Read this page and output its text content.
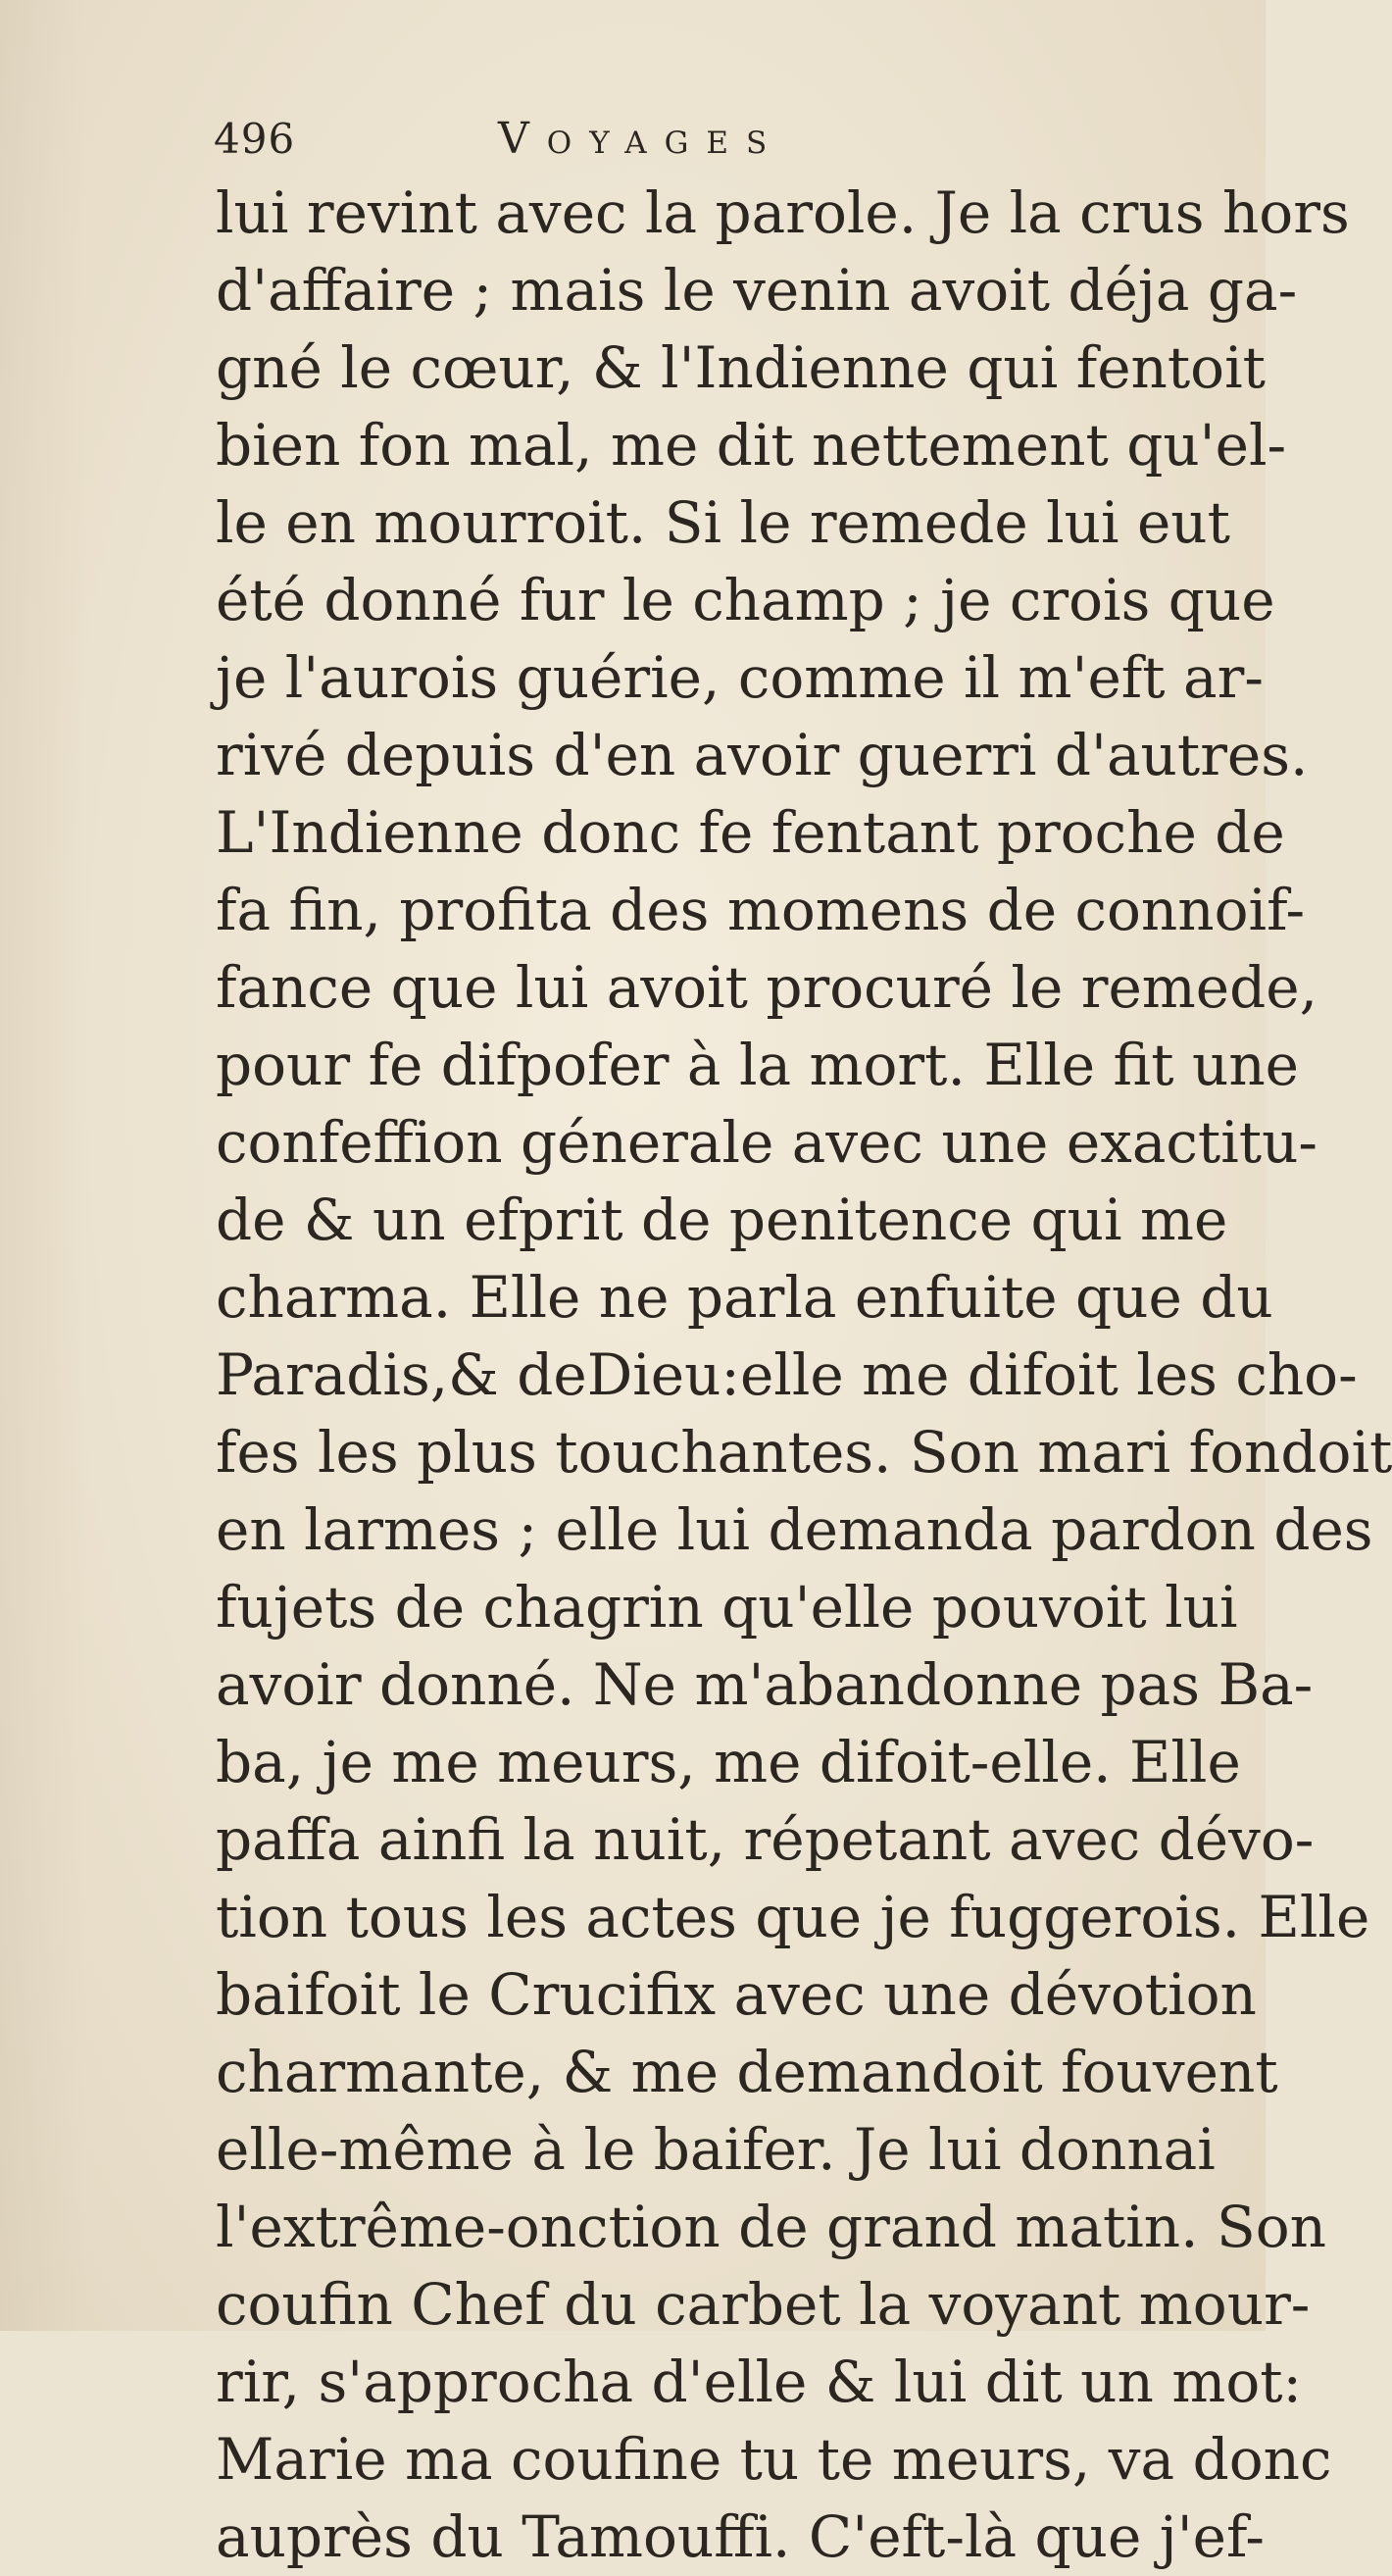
496	Voyages
lui revint avec la parole. Je la crus hors
d'affaire ; mais le venin avoit déja ga-
gné le cœur, & l'Indienne qui fentoit
bien fon mal, me dit nettement qu'el-
le en mourroit. Si le remede lui eut
été donné fur le champ ; je crois que
je l'aurois guérie, comme il m'eft ar-
rivé depuis d'en avoir guerri d'autres.
L'Indienne donc fe fentant proche de
fa fin, profita des momens de connoif-
fance que lui avoit procuré le remede,
pour fe difpofer à la mort. Elle fit une
confeffion génerale avec une exactitu-
de & un efprit de penitence qui me
charma. Elle ne parla enfuite que du
Paradis,& deDieu:elle me difoit les cho-
fes les plus touchantes. Son mari fondoit
en larmes ; elle lui demanda pardon des
fujets de chagrin qu'elle pouvoit lui
avoir donné. Ne m'abandonne pas Ba-
ba, je me meurs, me difoit-elle. Elle
paffa ainfi la nuit, répetant avec dévo-
tion tous les actes que je fuggerois. Elle
baifoit le Crucifix avec une dévotion
charmante, & me demandoit fouvent
elle-même à le baifer. Je lui donnai
l'extrême-onction de grand matin. Son
coufin Chef du carbet la voyant mour-
rir, s'approcha d'elle & lui dit un mot:
Marie ma coufine tu te meurs, va donc
auprès du Tamouffi. C'eft-là que j'ef-
